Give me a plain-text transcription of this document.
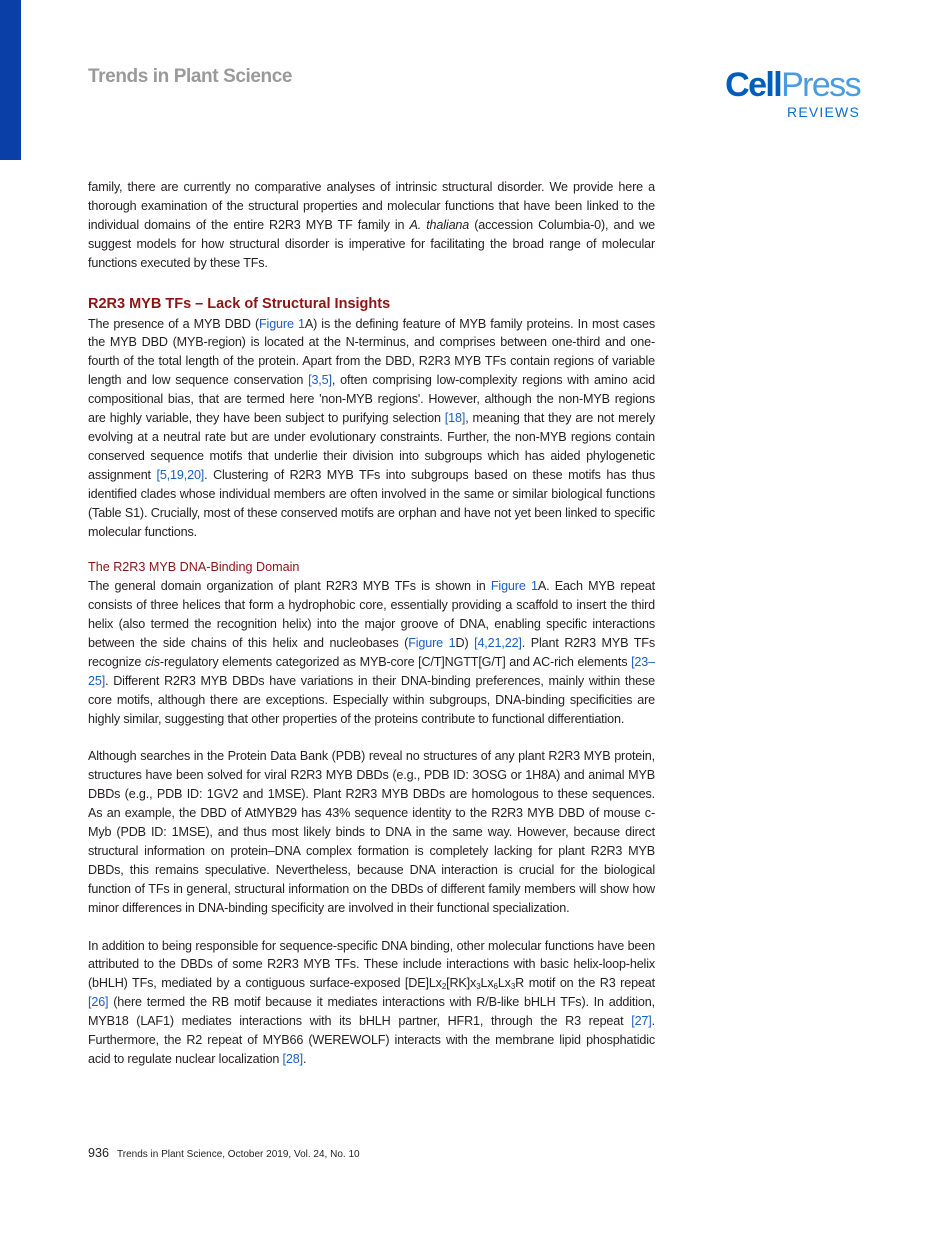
Trends in Plant Science	CellPress
REVIEWS

family, there are currently no comparative analyses of intrinsic structural disorder. We provide here a thorough examination of the structural properties and molecular functions that have been linked to the individual domains of the entire R2R3 MYB TF family in A. thaliana (accession Columbia-0), and we suggest models for how structural disorder is imperative for facilitating the broad range of molecular functions executed by these TFs.

R2R3 MYB TFs – Lack of Structural Insights

The presence of a MYB DBD (Figure 1A) is the defining feature of MYB family proteins. In most cases the MYB DBD (MYB-region) is located at the N-terminus, and comprises between one-third and one-fourth of the total length of the protein. Apart from the DBD, R2R3 MYB TFs contain regions of variable length and low sequence conservation [3,5], often comprising low-complexity regions with amino acid compositional bias, that are termed here 'non-MYB regions'. However, although the non-MYB regions are highly variable, they have been subject to purifying selection [18], meaning that they are not merely evolving at a neutral rate but are under evolutionary constraints. Further, the non-MYB regions contain conserved sequence motifs that underlie their division into subgroups which has aided phylogenetic assignment [5,19,20]. Clustering of R2R3 MYB TFs into subgroups based on these motifs has thus identified clades whose individual members are often involved in the same or similar biological functions (Table S1). Crucially, most of these conserved motifs are orphan and have not yet been linked to specific molecular functions.

The R2R3 MYB DNA-Binding Domain

The general domain organization of plant R2R3 MYB TFs is shown in Figure 1A. Each MYB repeat consists of three helices that form a hydrophobic core, essentially providing a scaffold to insert the third helix (also termed the recognition helix) into the major groove of DNA, enabling specific interactions between the side chains of this helix and nucleobases (Figure 1D) [4,21,22]. Plant R2R3 MYB TFs recognize cis-regulatory elements categorized as MYB-core [C/T]NGTT[G/T] and AC-rich elements [23–25]. Different R2R3 MYB DBDs have variations in their DNA-binding preferences, mainly within these core motifs, although there are exceptions. Especially within subgroups, DNA-binding specificities are highly similar, suggesting that other properties of the proteins contribute to functional differentiation.

Although searches in the Protein Data Bank (PDB) reveal no structures of any plant R2R3 MYB protein, structures have been solved for viral R2R3 MYB DBDs (e.g., PDB ID: 3OSG or 1H8A) and animal MYB DBDs (e.g., PDB ID: 1GV2 and 1MSE). Plant R2R3 MYB DBDs are homologous to these sequences. As an example, the DBD of AtMYB29 has 43% sequence identity to the R2R3 MYB DBD of mouse c-Myb (PDB ID: 1MSE), and thus most likely binds to DNA in the same way. However, because direct structural information on protein–DNA complex formation is completely lacking for plant R2R3 MYB DBDs, this remains speculative. Nevertheless, because DNA interaction is crucial for the biological function of TFs in general, structural information on the DBDs of different family members will show how minor differences in DNA-binding specificity are involved in their functional specialization.

In addition to being responsible for sequence-specific DNA binding, other molecular functions have been attributed to the DBDs of some R2R3 MYB TFs. These include interactions with basic helix-loop-helix (bHLH) TFs, mediated by a contiguous surface-exposed $[DE]Lx_2[RK]x_3Lx_6Lx_3R$ motif on the R3 repeat [26] (here termed the RB motif because it mediates interactions with R/B-like bHLH TFs). In addition, MYB18 (LAF1) mediates interactions with its bHLH partner, HFR1, through the R3 repeat [27]. Furthermore, the R2 repeat of MYB66 (WEREWOLF) interacts with the membrane lipid phosphatidic acid to regulate nuclear localization [28].

936 Trends in Plant Science, October 2019, Vol. 24, No. 10
